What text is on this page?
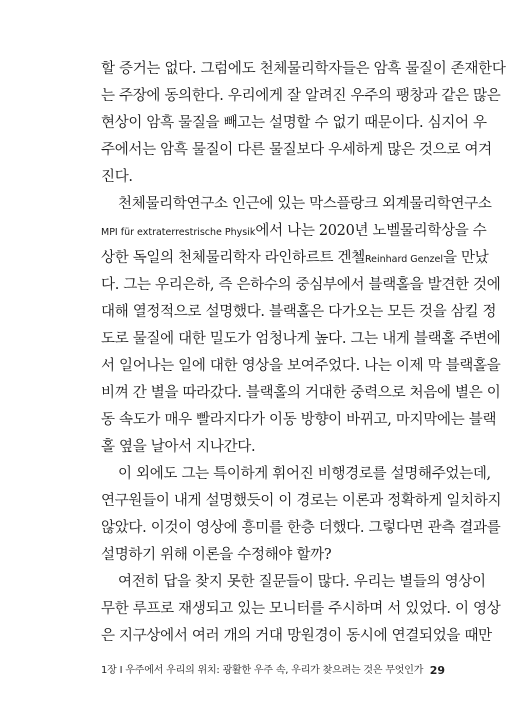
할 증거는 없다. 그럼에도 천체물리학자들은 암흑 물질이 존재한다
는 주장에 동의한다. 우리에게 잘 알려진 우주의 팽창과 같은 많은
현상이 암흑 물질을 빼고는 설명할 수 없기 때문이다. 심지어 우
주에서는 암흑 물질이 다른 물질보다 우세하게 많은 것으로 여겨
진다.
천체물리학연구소 인근에 있는 막스플랑크 외계물리학연구소
MPI für extraterrestrische Physik에서 나는 2020년 노벨물리학상을 수
상한 독일의 천체물리학자 라인하르트 겐첼Reinhard Genzel을 만났
다. 그는 우리은하, 즉 은하수의 중심부에서 블랙홀을 발견한 것에
대해 열정적으로 설명했다. 블랙홀은 다가오는 모든 것을 삼킬 정
도로 물질에 대한 밀도가 엄청나게 높다. 그는 내게 블랙홀 주변에
서 일어나는 일에 대한 영상을 보여주었다. 나는 이제 막 블랙홀을
비껴 간 별을 따라갔다. 블랙홀의 거대한 중력으로 처음에 별은 이
동 속도가 매우 빨라지다가 이동 방향이 바뀌고, 마지막에는 블랙
홀 옆을 날아서 지나간다.
이 외에도 그는 특이하게 휘어진 비행경로를 설명해주었는데,
연구원들이 내게 설명했듯이 이 경로는 이론과 정확하게 일치하지
않았다. 이것이 영상에 흥미를 한층 더했다. 그렇다면 관측 결과를
설명하기 위해 이론을 수정해야 할까?
여전히 답을 찾지 못한 질문들이 많다. 우리는 별들의 영상이
무한 루프로 재생되고 있는 모니터를 주시하며 서 있었다. 이 영상
은 지구상에서 여러 개의 거대 망원경이 동시에 연결되었을 때만
1장 I 우주에서 우리의 위치: 광활한 우주 속, 우리가 찾으려는 것은 무엇인가 29
